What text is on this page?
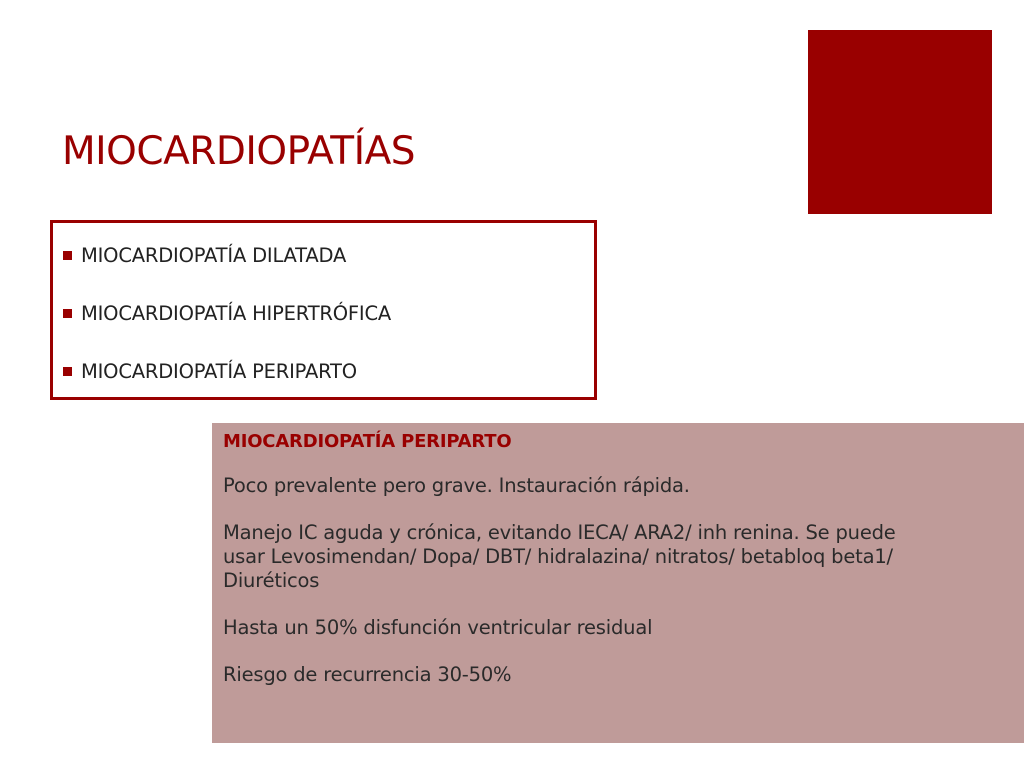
MIOCARDIOPATÍAS
MIOCARDIOPATÍA DILATADA
MIOCARDIOPATÍA HIPERTRÓFICA
MIOCARDIOPATÍA PERIPARTO

MIOCARDIOPATÍA PERIPARTO

Poco prevalente pero grave. Instauración rápida.

Manejo IC aguda y crónica, evitando IECA/ ARA2/ inh renina. Se puede usar Levosimendan/ Dopa/ DBT/ hidralazina/ nitratos/ betabloq beta1/ Diuréticos

Hasta un 50% disfunción ventricular residual

Riesgo de recurrencia 30-50%
